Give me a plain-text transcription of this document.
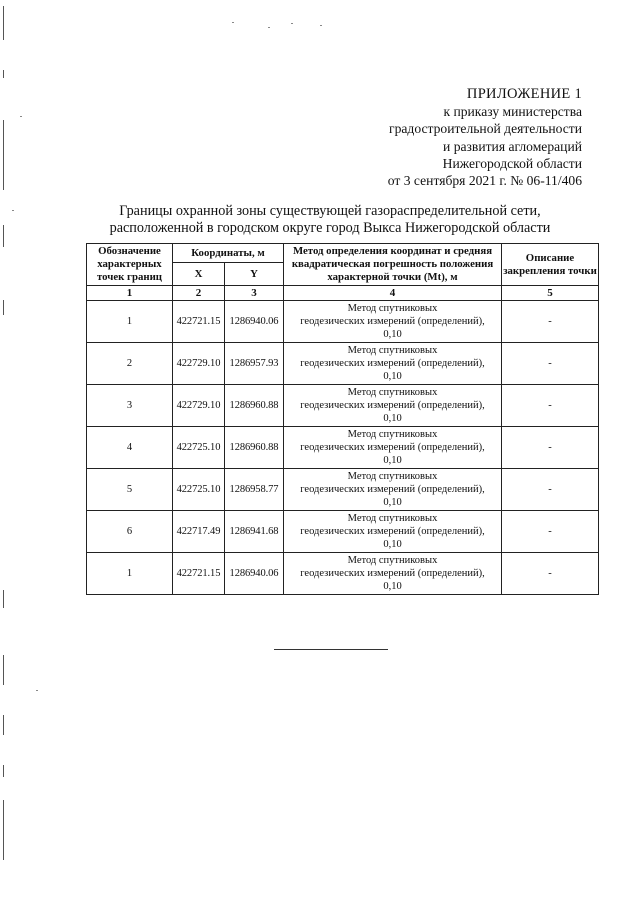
ПРИЛОЖЕНИЕ 1
к приказу министерства
градостроительной деятельности
и развития агломераций
Нижегородской области
от 3 сентября 2021 г. № 06-11/406
Границы охранной зоны существующей газораспределительной сети,
расположенной в городском округе город Выкса Нижегородской области
Обозначение характерных точек границ	Координаты, м		Метод определения координат и средняя квадратическая погрешность положения характерной точки (Mt), м	Описание закрепления точки
	X	Y		
1	2	3	4	5
1	422721.15	1286940.06	Метод спутниковых
геодезических измерений (определений),
0,10	-
2	422729.10	1286957.93	Метод спутниковых
геодезических измерений (определений),
0,10	-
3	422729.10	1286960.88	Метод спутниковых
геодезических измерений (определений),
0,10	-
4	422725.10	1286960.88	Метод спутниковых
геодезических измерений (определений),
0,10	-
5	422725.10	1286958.77	Метод спутниковых
геодезических измерений (определений),
0,10	-
6	422717.49	1286941.68	Метод спутниковых
геодезических измерений (определений),
0,10	-
1	422721.15	1286940.06	Метод спутниковых
геодезических измерений (определений),
0,10	-
